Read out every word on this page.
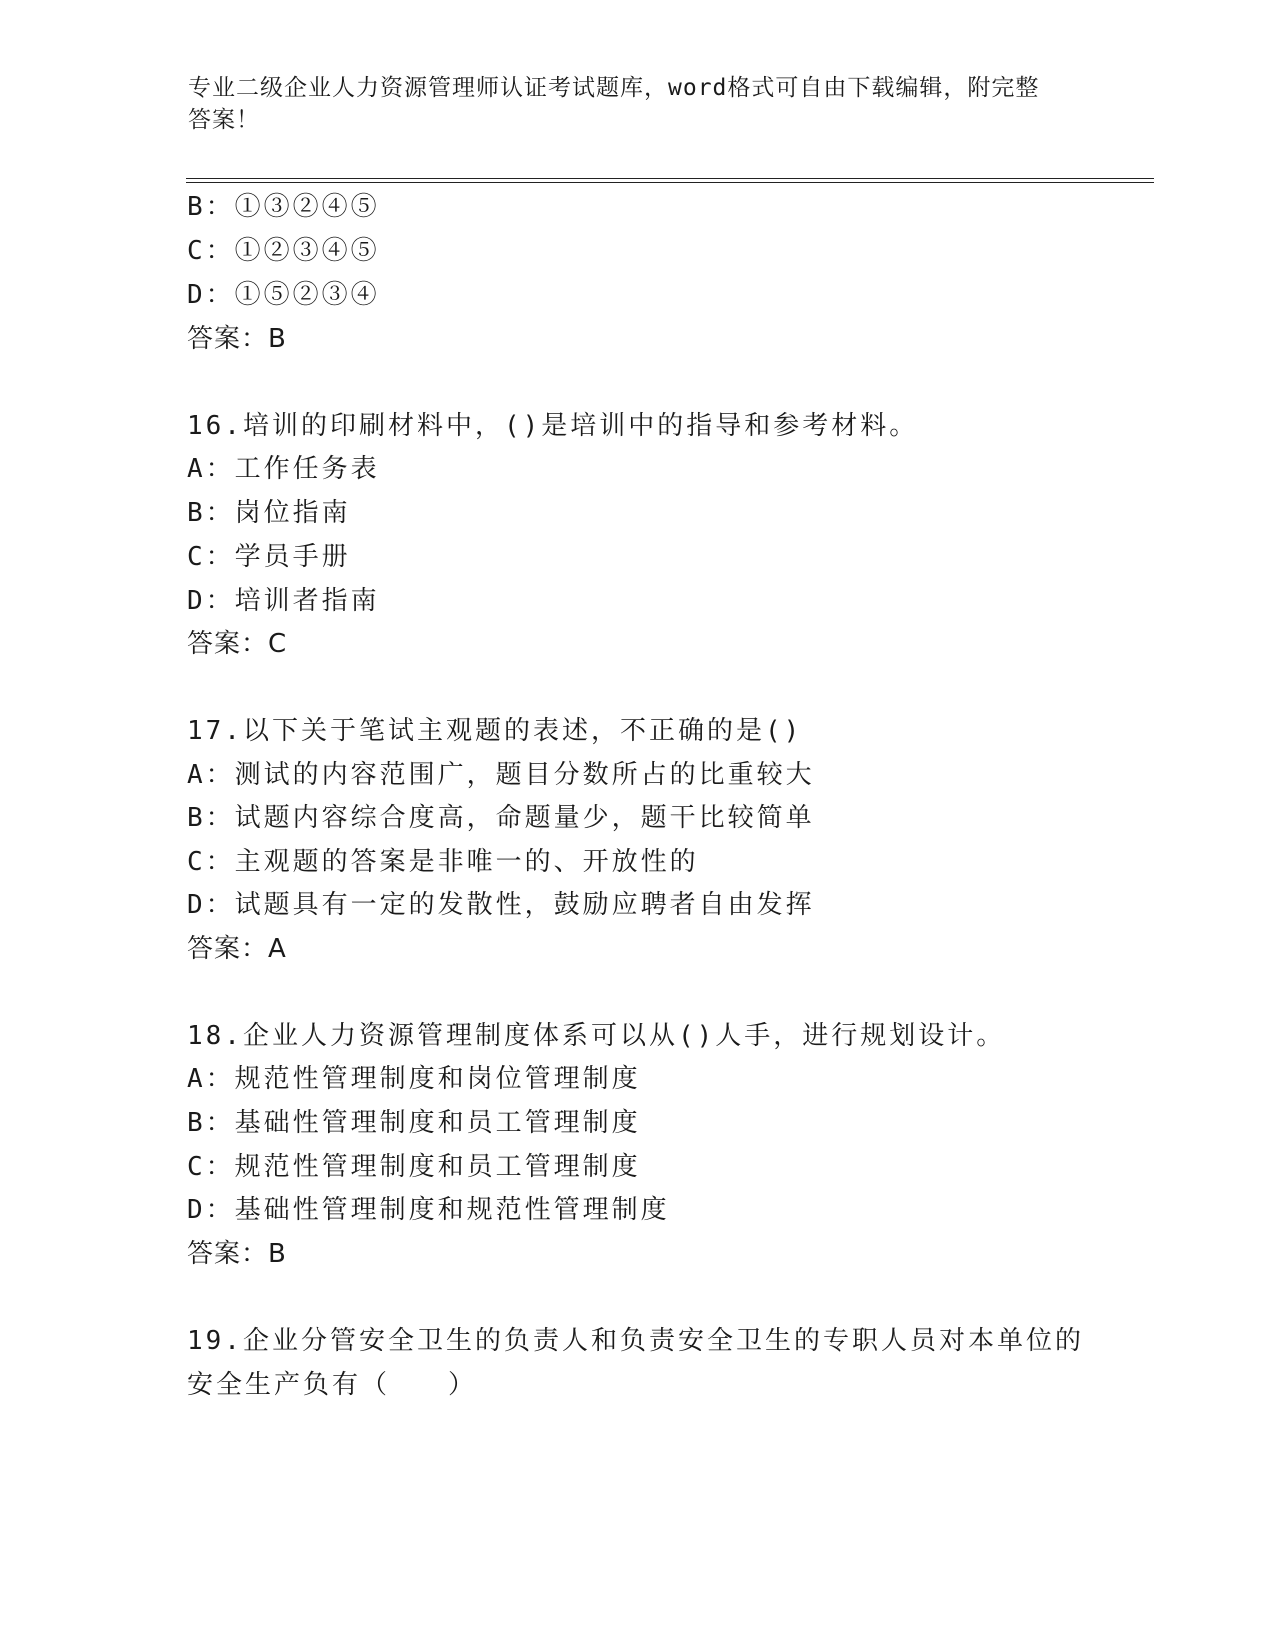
专业二级企业人力资源管理师认证考试题库，word格式可自由下载编辑，附完整
答案！
B：①③②④⑤
C：①②③④⑤
D：①⑤②③④
答案：B
16.培训的印刷材料中，()是培训中的指导和参考材料。
A：工作任务表
B：岗位指南
C：学员手册
D：培训者指南
答案：C
17.以下关于笔试主观题的表述，不正确的是()
A：测试的内容范围广，题目分数所占的比重较大
B：试题内容综合度高，命题量少，题干比较简单
C：主观题的答案是非唯一的、开放性的
D：试题具有一定的发散性，鼓励应聘者自由发挥
答案：A
18.企业人力资源管理制度体系可以从()人手，进行规划设计。
A：规范性管理制度和岗位管理制度
B：基础性管理制度和员工管理制度
C：规范性管理制度和员工管理制度
D：基础性管理制度和规范性管理制度
答案：B
19.企业分管安全卫生的负责人和负责安全卫生的专职人员对本单位的
安全生产负有（　　）
